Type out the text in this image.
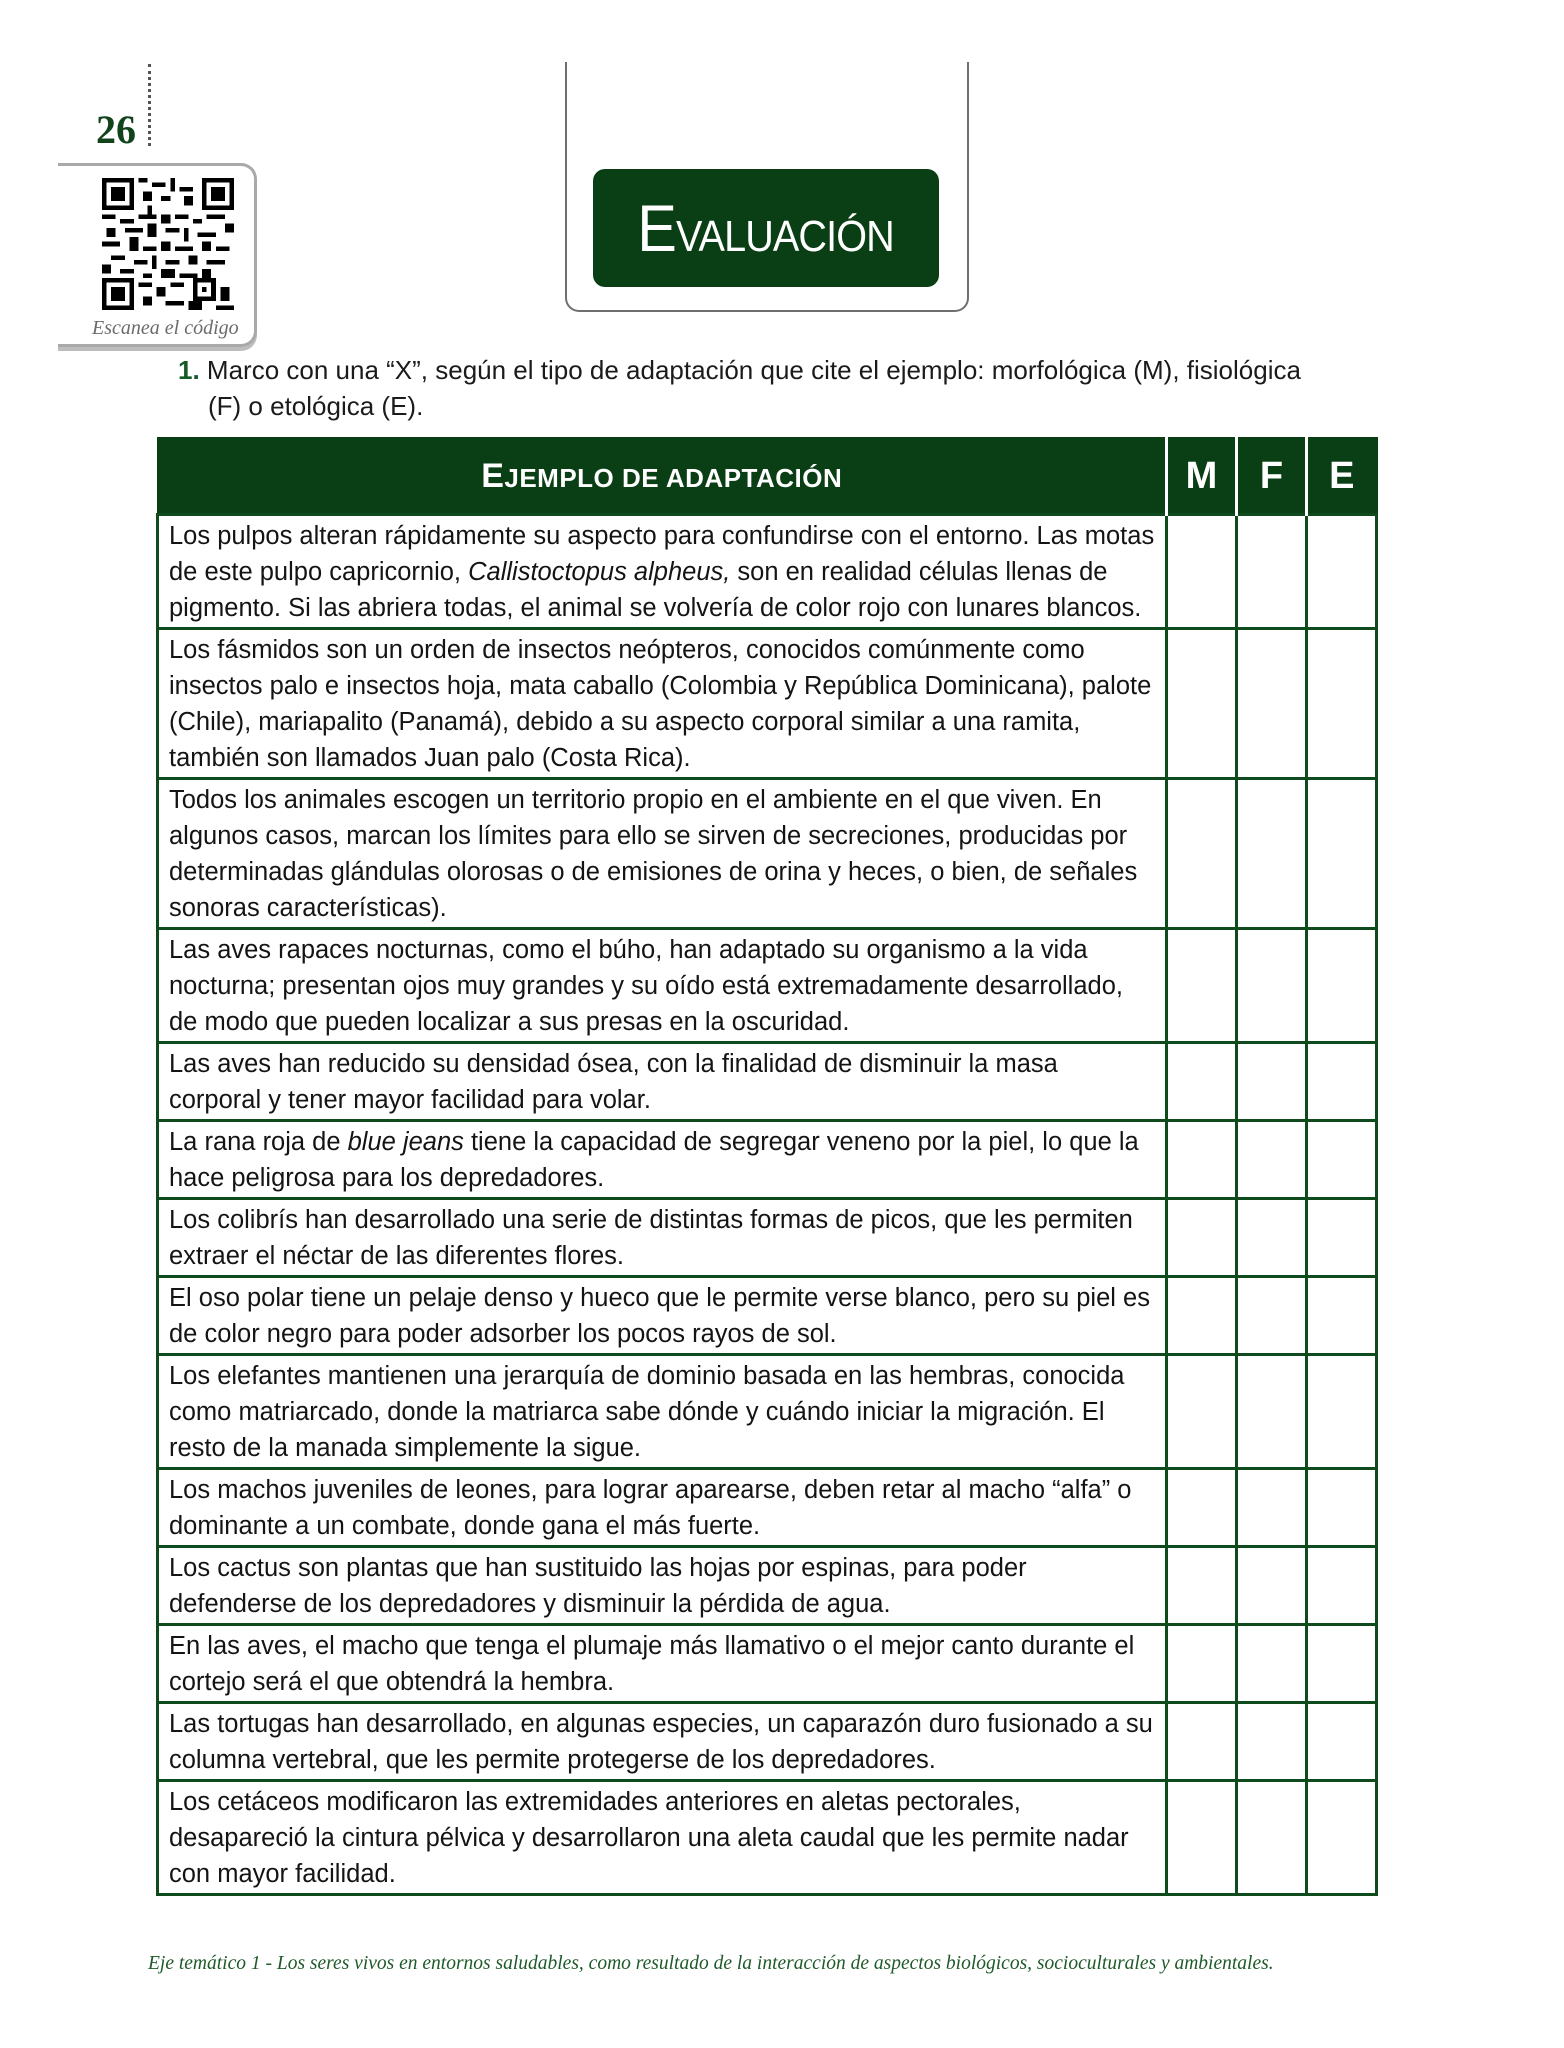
26
Escanea el código
EVALUACIÓN
1. Marco con una “X”, según el tipo de adaptación que cite el ejemplo: morfológica (M), fisiológica
(F) o etológica (E).
EJEMPLO DE ADAPTACIÓN	M	F	E
Los pulpos alteran rápidamente su aspecto para confundirse con el entorno. Las motas de este pulpo capricornio, Callistoctopus alpheus, son en realidad células llenas de pigmento. Si las abriera todas, el animal se volvería de color rojo con lunares blancos.			
Los fásmidos son un orden de insectos neópteros, conocidos comúnmente como insectos palo e insectos hoja, mata caballo (Colombia y República Dominicana), palote (Chile), mariapalito (Panamá), debido a su aspecto corporal similar a una ramita, también son llamados Juan palo (Costa Rica).			
Todos los animales escogen un territorio propio en el ambiente en el que viven. En algunos casos, marcan los límites para ello se sirven de secreciones, producidas por determinadas glándulas olorosas o de emisiones de orina y heces, o bien, de señales sonoras características).			
Las aves rapaces nocturnas, como el búho, han adaptado su organismo a la vida nocturna; presentan ojos muy grandes y su oído está extremadamente desarrollado, de modo que pueden localizar a sus presas en la oscuridad.			
Las aves han reducido su densidad ósea, con la finalidad de disminuir la masa corporal y tener mayor facilidad para volar.			
La rana roja de blue jeans tiene la capacidad de segregar veneno por la piel, lo que la hace peligrosa para los depredadores.			
Los colibrís han desarrollado una serie de distintas formas de picos, que les permiten extraer el néctar de las diferentes flores.			
El oso polar tiene un pelaje denso y hueco que le permite verse blanco, pero su piel es de color negro para poder adsorber los pocos rayos de sol.			
Los elefantes mantienen una jerarquía de dominio basada en las hembras, conocida como matriarcado, donde la matriarca sabe dónde y cuándo iniciar la migración. El resto de la manada simplemente la sigue.			
Los machos juveniles de leones, para lograr aparearse, deben retar al macho “alfa” o dominante a un combate, donde gana el más fuerte.			
Los cactus son plantas que han sustituido las hojas por espinas, para poder defenderse de los depredadores y disminuir la pérdida de agua.			
En las aves, el macho que tenga el plumaje más llamativo o el mejor canto durante el cortejo será el que obtendrá la hembra.			
Las tortugas han desarrollado, en algunas especies, un caparazón duro fusionado a su columna vertebral, que les permite protegerse de los depredadores.			
Los cetáceos modificaron las extremidades anteriores en aletas pectorales, desapareció la cintura pélvica y desarrollaron una aleta caudal que les permite nadar con mayor facilidad.			
Eje temático 1 - Los seres vivos en entornos saludables, como resultado de la interacción de aspectos biológicos, socioculturales y ambientales.
